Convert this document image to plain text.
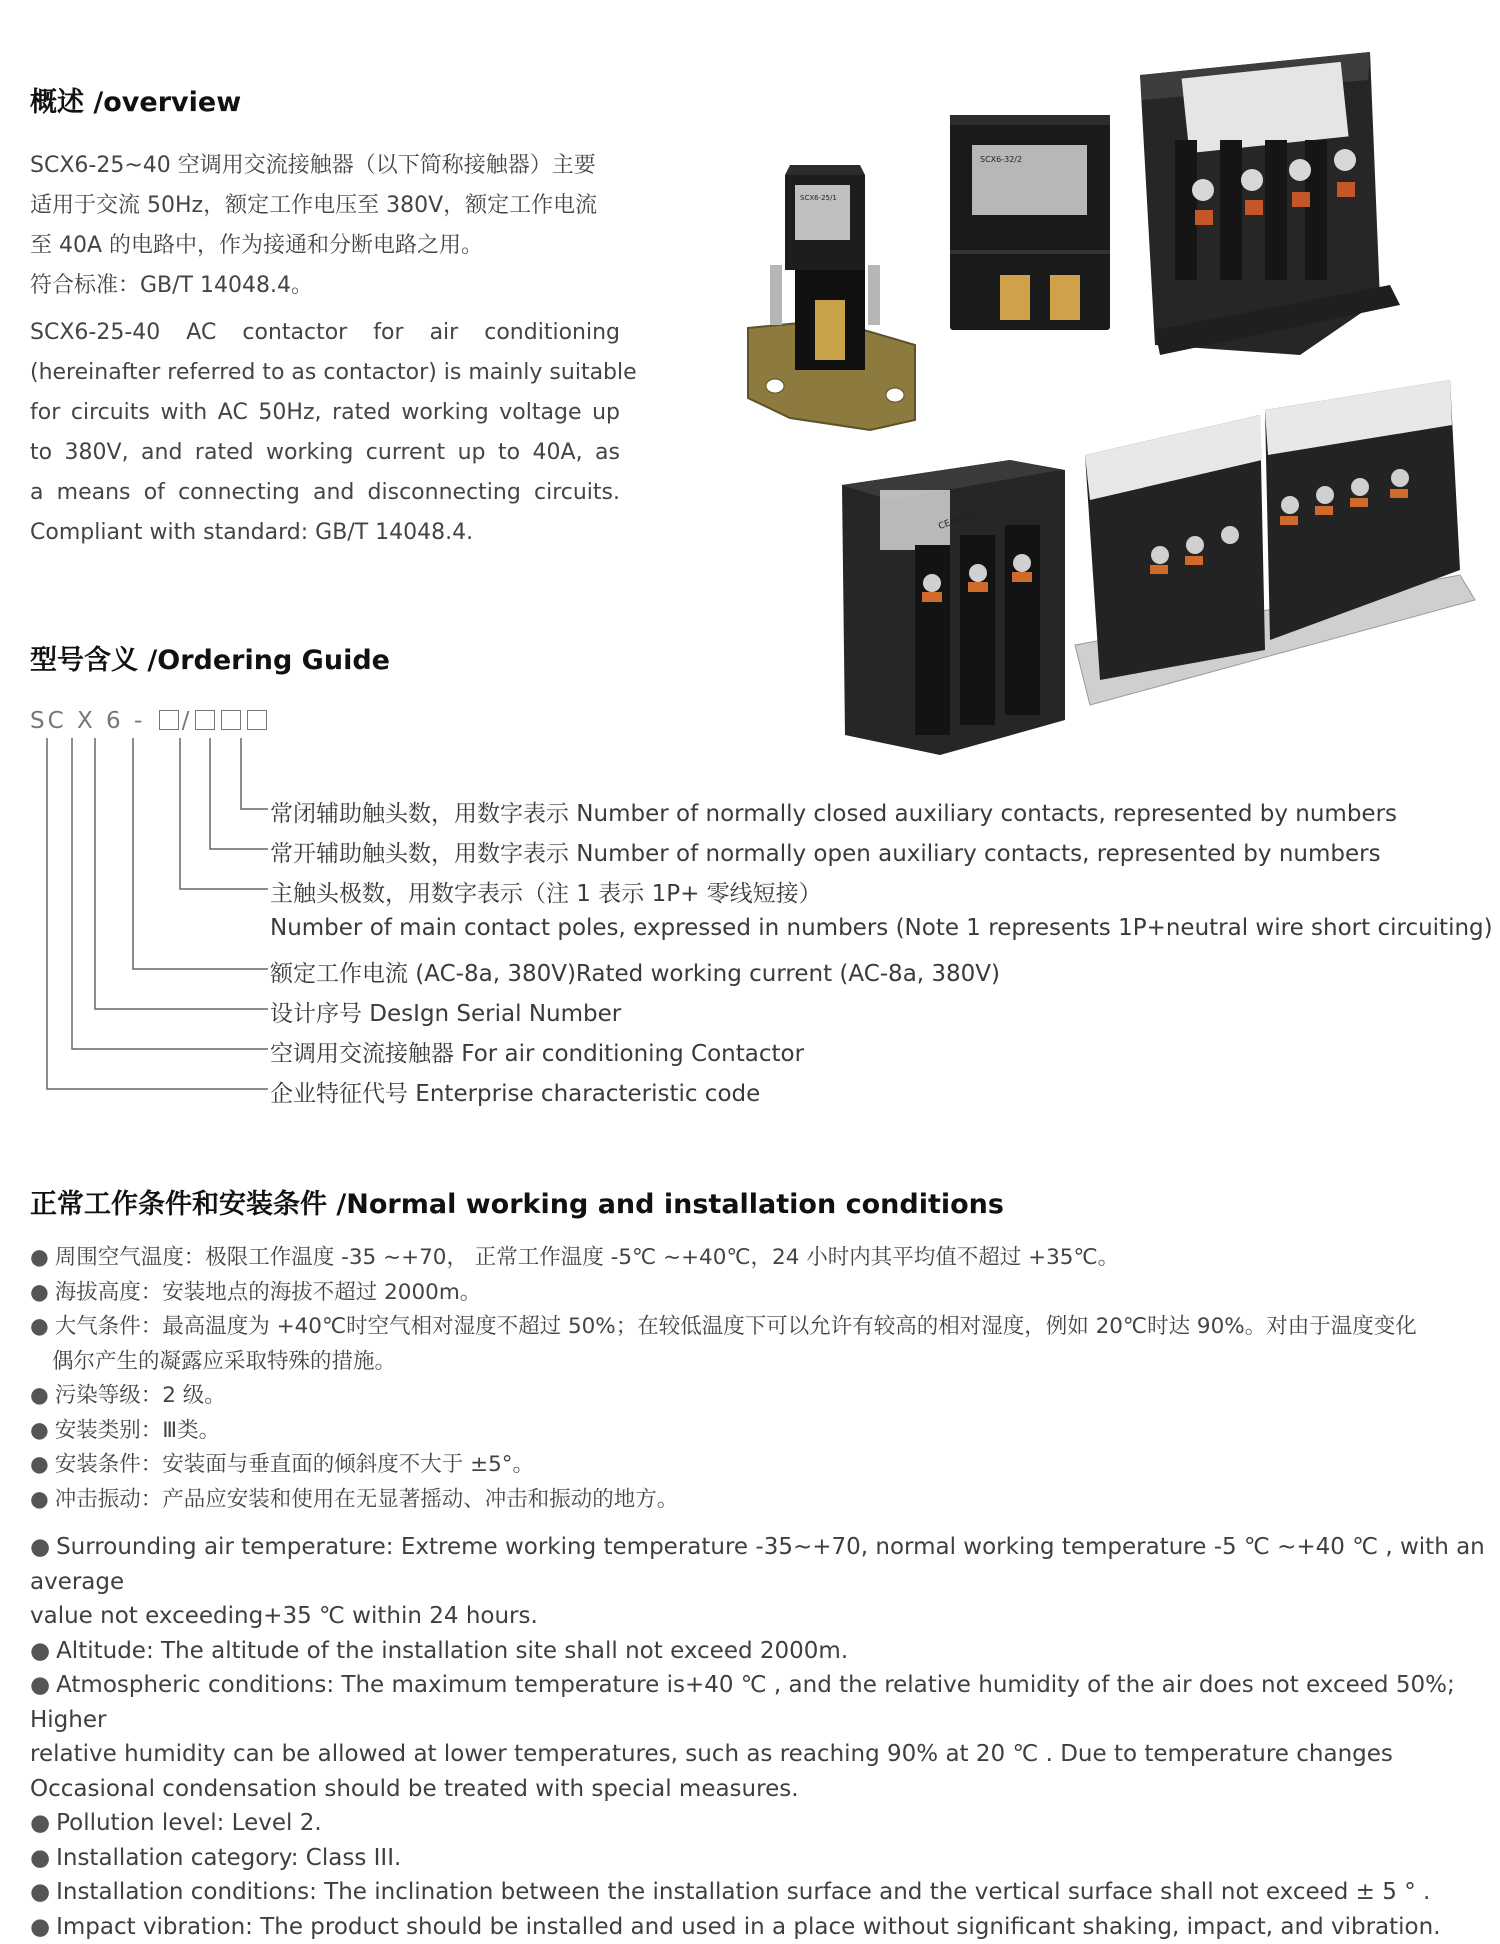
概述 /overview
SCX6-25~40 空调用交流接触器（以下简称接触器）主要
适用于交流 50Hz，额定工作电压至 380V，额定工作电流
至 40A 的电路中，作为接通和分断电路之用。
符合标准：GB/T 14048.4。
SCX6-25-40 AC contactor for air conditioning
(hereinafter referred to as contactor) is mainly suitable
for circuits with AC 50Hz, rated working voltage up
to 380V, and rated working current up to 40A, as
a means of connecting and disconnecting circuits.
Compliant with standard: GB/T 14048.4.
SCX6-25/1
SCX6-32/2
CE RoHS
型号含义 /Ordering Guide
SC X 6 - /
常闭辅助触头数，用数字表示 Number of normally closed auxiliary contacts, represented by numbers
常开辅助触头数，用数字表示 Number of normally open auxiliary contacts, represented by numbers
主触头极数，用数字表示（注 1 表示 1P+ 零线短接）
Number of main contact poles, expressed in numbers (Note 1 represents 1P+neutral wire short circuiting)
额定工作电流 (AC-8a, 380V)Rated working current (AC-8a, 380V)
设计序号 DesIgn Serial Number
空调用交流接触器 For air conditioning Contactor
企业特征代号 Enterprise characteristic code
正常工作条件和安装条件 /Normal working and installation conditions
● 周围空气温度：极限工作温度 -35 ~+70， 正常工作温度 -5℃ ~+40℃，24 小时内其平均值不超过 +35℃。
● 海拔高度：安装地点的海拔不超过 2000m。
● 大气条件：最高温度为 +40℃时空气相对湿度不超过 50%；在较低温度下可以允许有较高的相对湿度，例如 20℃时达 90%。对由于温度变化
偶尔产生的凝露应采取特殊的措施。
● 污染等级：2 级。
● 安装类别：Ⅲ类。
● 安装条件：安装面与垂直面的倾斜度不大于 ±5°。
● 冲击振动：产品应安装和使用在无显著摇动、冲击和振动的地方。
● Surrounding air temperature: Extreme working temperature -35~+70, normal working temperature -5 ℃ ~+40 ℃ , with an average
value not exceeding+35 ℃ within 24 hours.
● Altitude: The altitude of the installation site shall not exceed 2000m.
● Atmospheric conditions: The maximum temperature is+40 ℃ , and the relative humidity of the air does not exceed 50%; Higher
relative humidity can be allowed at lower temperatures, such as reaching 90% at 20 ℃ . Due to temperature changes
Occasional condensation should be treated with special measures.
● Pollution level: Level 2.
● Installation category: Class III.
● Installation conditions: The inclination between the installation surface and the vertical surface shall not exceed ± 5 ° .
● Impact vibration: The product should be installed and used in a place without significant shaking, impact, and vibration.
